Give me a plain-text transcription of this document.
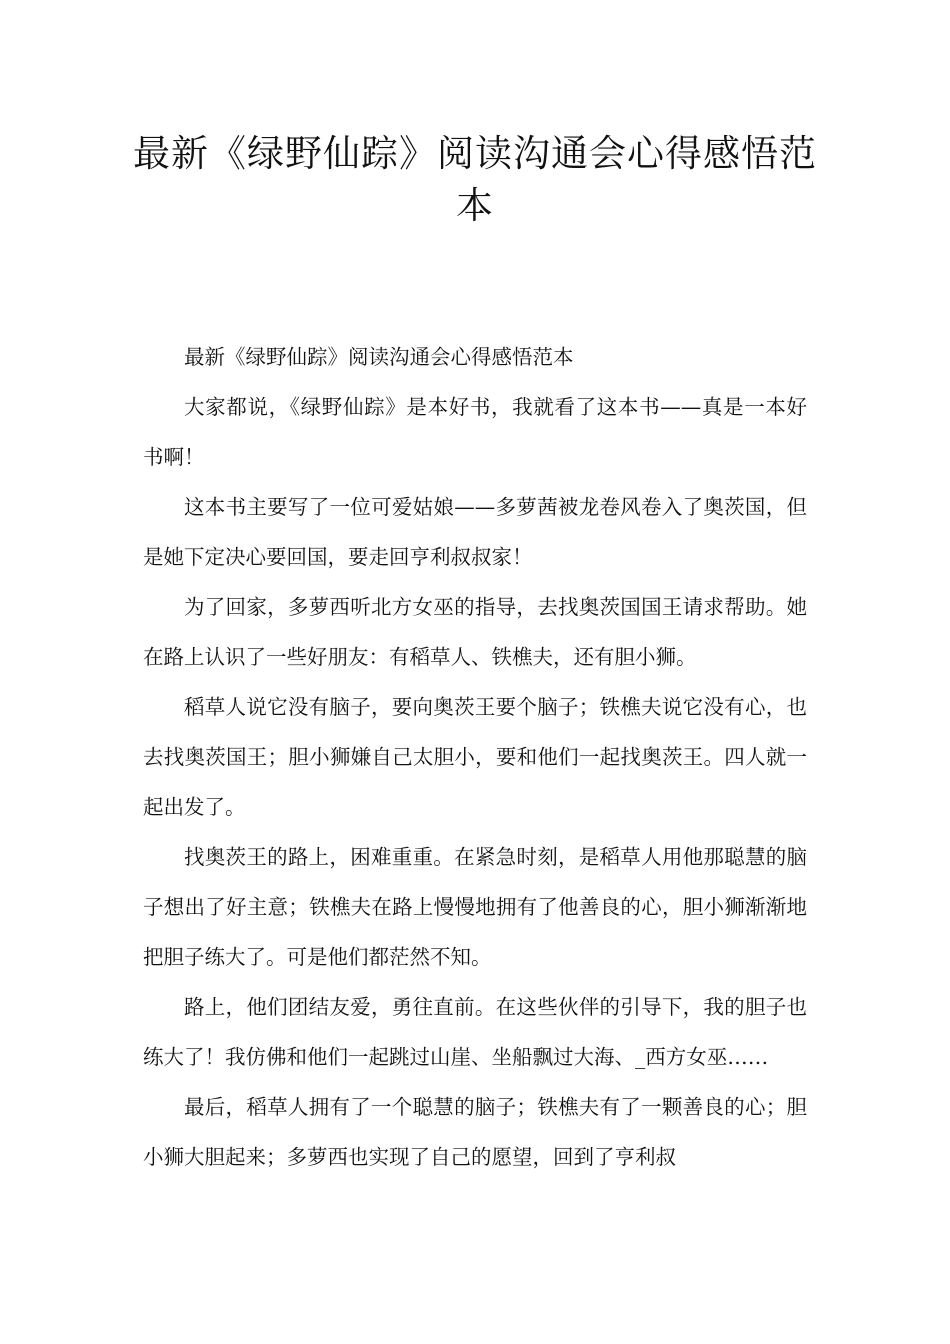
最新《绿野仙踪》阅读沟通会心得感悟范本

最新《绿野仙踪》阅读沟通会心得感悟范本

大家都说，《绿野仙踪》是本好书，我就看了这本书——真是一本好书啊！

这本书主要写了一位可爱姑娘——多萝茜被龙卷风卷入了奥茨国，但是她下定决心要回国，要走回亨利叔叔家！

为了回家，多萝西听北方女巫的指导，去找奥茨国国王请求帮助。她在路上认识了一些好朋友：有稻草人、铁樵夫，还有胆小狮。

稻草人说它没有脑子，要向奥茨王要个脑子；铁樵夫说它没有心，也去找奥茨国王；胆小狮嫌自己太胆小，要和他们一起找奥茨王。四人就一起出发了。

找奥茨王的路上，困难重重。在紧急时刻，是稻草人用他那聪慧的脑子想出了好主意；铁樵夫在路上慢慢地拥有了他善良的心，胆小狮渐渐地把胆子练大了。可是他们都茫然不知。

路上，他们团结友爱，勇往直前。在这些伙伴的引导下，我的胆子也练大了！我仿佛和他们一起跳过山崖、坐船飘过大海、_西方女巫……

最后，稻草人拥有了一个聪慧的脑子；铁樵夫有了一颗善良的心；胆小狮大胆起来；多萝西也实现了自己的愿望，回到了亨利叔
